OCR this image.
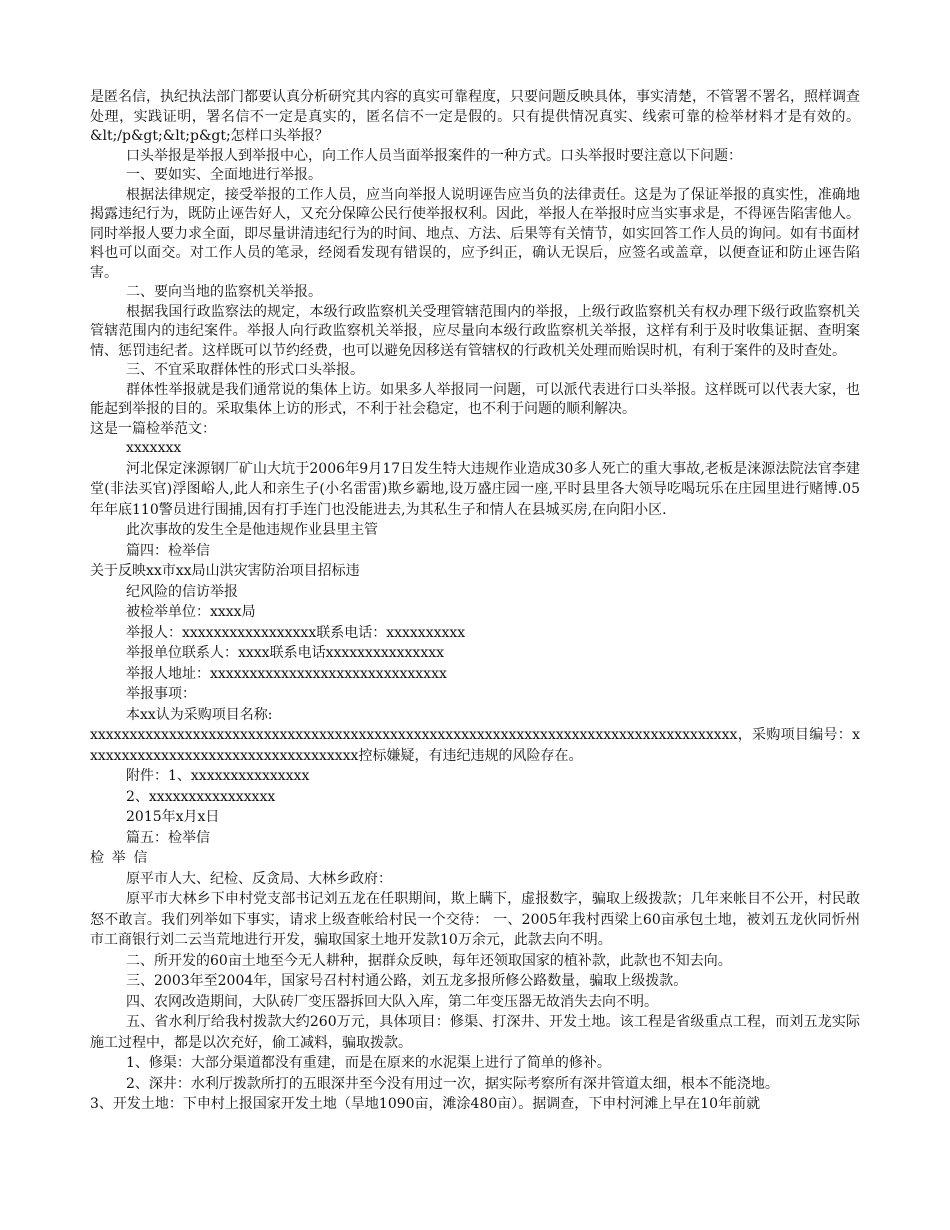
是匿名信，执纪执法部门都要认真分析研究其内容的真实可靠程度，只要问题反映具体，事实清楚，不管署不署名，照样调查处理，实践证明，署名信不一定是真实的，匿名信不一定是假的。只有提供情况真实、线索可靠的检举材料才是有效的。&lt;/p&gt;&lt;p&gt;怎样口头举报？

口头举报是举报人到举报中心，向工作人员当面举报案件的一种方式。口头举报时要注意以下问题：

一、要如实、全面地进行举报。

根据法律规定，接受举报的工作人员，应当向举报人说明诬告应当负的法律责任。这是为了保证举报的真实性，准确地揭露违纪行为，既防止诬告好人，又充分保障公民行使举报权利。因此，举报人在举报时应当实事求是，不得诬告陷害他人。同时举报人要力求全面，即尽量讲清违纪行为的时间、地点、方法、后果等有关情节，如实回答工作人员的询问。如有书面材料也可以面交。对工作人员的笔录，经阅看发现有错误的，应予纠正，确认无误后，应签名或盖章，以便查证和防止诬告陷害。

二、要向当地的监察机关举报。

根据我国行政监察法的规定，本级行政监察机关受理管辖范围内的举报，上级行政监察机关有权办理下级行政监察机关管辖范围内的违纪案件。举报人向行政监察机关举报，应尽量向本级行政监察机关举报，这样有利于及时收集证据、查明案情、惩罚违纪者。这样既可以节约经费，也可以避免因移送有管辖权的行政机关处理而贻误时机，有利于案件的及时查处。

三、不宜采取群体性的形式口头举报。

群体性举报就是我们通常说的集体上访。如果多人举报同一问题，可以派代表进行口头举报。这样既可以代表大家，也能起到举报的目的。采取集体上访的形式，不利于社会稳定，也不利于问题的顺利解决。

这是一篇检举范文：

xxxxxxx

河北保定涞源钢厂矿山大坑于2006年9月17日发生特大违规作业造成30多人死亡的重大事故,老板是涞源法院法官李建堂(非法买官)浮图峪人,此人和亲生子(小名雷雷)欺乡霸地,设万盛庄园一座,平时县里各大领导吃喝玩乐在庄园里进行赌博.05年年底110警员进行围捕,因有打手连门也没能进去,为其私生子和情人在县城买房,在向阳小区.

此次事故的发生全是他违规作业县里主管

篇四：检举信

关于反映xx市xx局山洪灾害防治项目招标违

纪风险的信访举报

被检举单位：xxxx局

举报人：xxxxxxxxxxxxxxxxx联系电话：xxxxxxxxxx

举报单位联系人：xxxx联系电话xxxxxxxxxxxxxxx

举报人地址：xxxxxxxxxxxxxxxxxxxxxxxxxxxxxx

举报事项：

本xx认为采购项目名称:

xxxxxxxxxxxxxxxxxxxxxxxxxxxxxxxxxxxxxxxxxxxxxxxxxxxxxxxxxxxxxxxxxxxxxxxxxxxxxxxxxx，采购项目编号：xxxxxxxxxxxxxxxxxxxxxxxxxxxxxxxxxxx控标嫌疑，有违纪违规的风险存在。

附件：1、xxxxxxxxxxxxxxx

2、xxxxxxxxxxxxxxxx

2015年x月x日

篇五：检举信

检举信

原平市人大、纪检、反贪局、大林乡政府：

原平市大林乡下申村党支部书记刘五龙在任职期间，欺上瞒下，虚报数字，骗取上级拨款；几年来帐目不公开，村民敢怒不敢言。我们列举如下事实，请求上级查帐给村民一个交待： 一、2005年我村西梁上60亩承包土地，被刘五龙伙同忻州市工商银行刘二云当荒地进行开发，骗取国家土地开发款10万余元，此款去向不明。

二、所开发的60亩土地至今无人耕种，据群众反映，每年还领取国家的植补款，此款也不知去向。

三、2003年至2004年，国家号召村村通公路，刘五龙多报所修公路数量，骗取上级拨款。

四、农网改造期间，大队砖厂变压器拆回大队入库，第二年变压器无故消失去向不明。

五、省水利厅给我村拨款大约260万元，具体项目：修渠、打深井、开发土地。该工程是省级重点工程，而刘五龙实际施工过程中，都是以次充好，偷工减料，骗取拨款。

1、修渠：大部分渠道都没有重建，而是在原来的水泥渠上进行了简单的修补。

2、深井：水利厅拨款所打的五眼深井至今没有用过一次，据实际考察所有深井管道太细，根本不能浇地。

3、开发土地：下申村上报国家开发土地（旱地1090亩，滩涂480亩）。据调查，下申村河滩上早在10年前就
